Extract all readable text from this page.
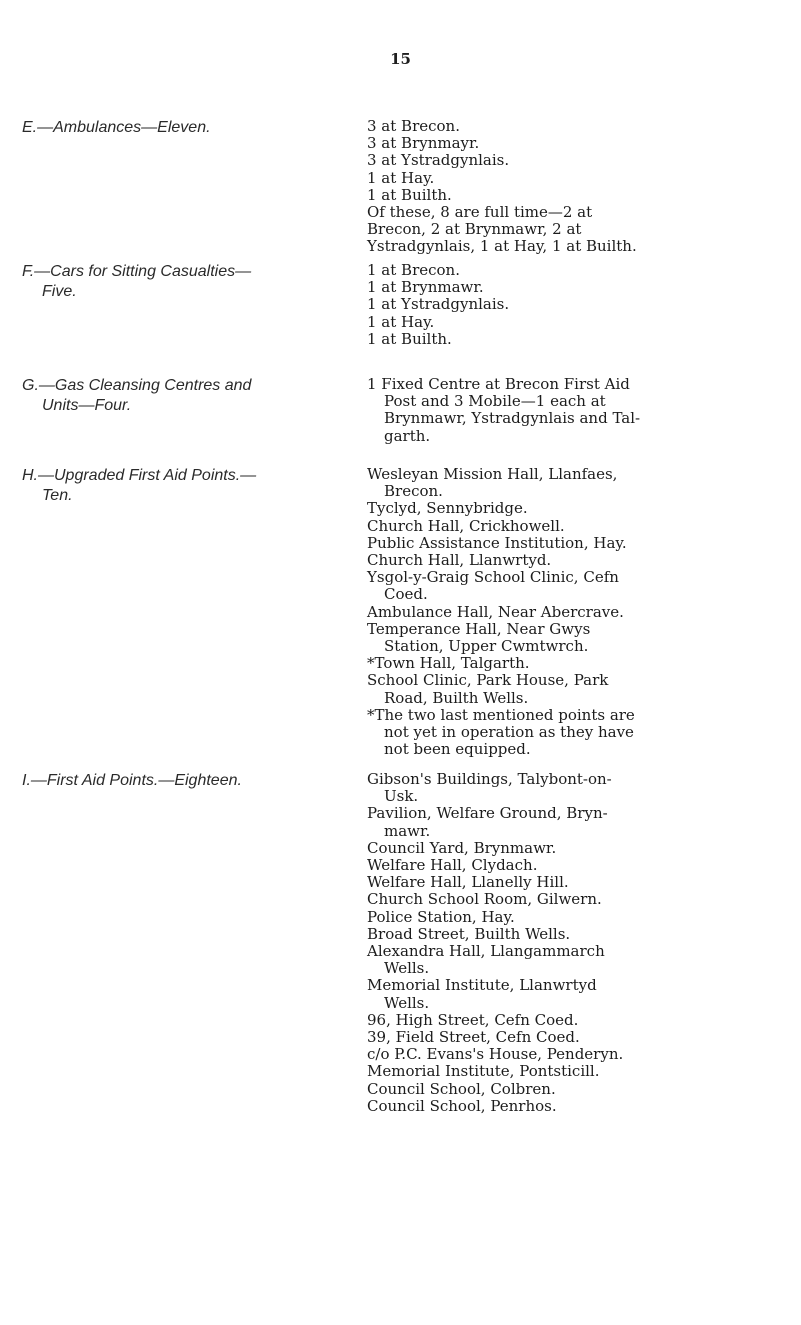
15
E.—Ambulances—Eleven.	3 at Brecon.
3 at Brynmayr.
3 at Ystradgynlais.
1 at Hay.
1 at Builth.
Of these, 8 are full time—2 at
Brecon, 2 at Brynmawr, 2 at
Ystradgynlais, 1 at Hay, 1 at Builth.
F.—Cars for Sitting Casualties—
Five.
1 at Brecon.
1 at Brynmawr.
1 at Ystradgynlais.
1 at Hay.
1 at Builth.
G.—Gas Cleansing Centres and
Units—Four.
1 Fixed Centre at Brecon First Aid
Post and 3 Mobile—1 each at
Brynmawr, Ystradgynlais and Tal-
garth.
H.—Upgraded First Aid Points.—
Ten.
Wesleyan Mission Hall, Llanfaes,
Brecon.
Tyclyd, Sennybridge.
Church Hall, Crickhowell.
Public Assistance Institution, Hay.
Church Hall, Llanwrtyd.
Ysgol-y-Graig School Clinic, Cefn
Coed.
Ambulance Hall, Near Abercrave.
Temperance Hall, Near Gwys
Station, Upper Cwmtwrch.
*Town Hall, Talgarth.
School Clinic, Park House, Park
Road, Builth Wells.
*The two last mentioned points are
not yet in operation as they have
not been equipped.
I.—First Aid Points.—Eighteen.	Gibson's Buildings, Talybont-on-
Usk.
Pavilion, Welfare Ground, Bryn-
mawr.
Council Yard, Brynmawr.
Welfare Hall, Clydach.
Welfare Hall, Llanelly Hill.
Church School Room, Gilwern.
Police Station, Hay.
Broad Street, Builth Wells.
Alexandra Hall, Llangammarch
Wells.
Memorial Institute, Llanwrtyd
Wells.
96, High Street, Cefn Coed.
39, Field Street, Cefn Coed.
c/o P.C. Evans's House, Penderyn.
Memorial Institute, Pontsticill.
Council School, Colbren.
Council School, Penrhos.
